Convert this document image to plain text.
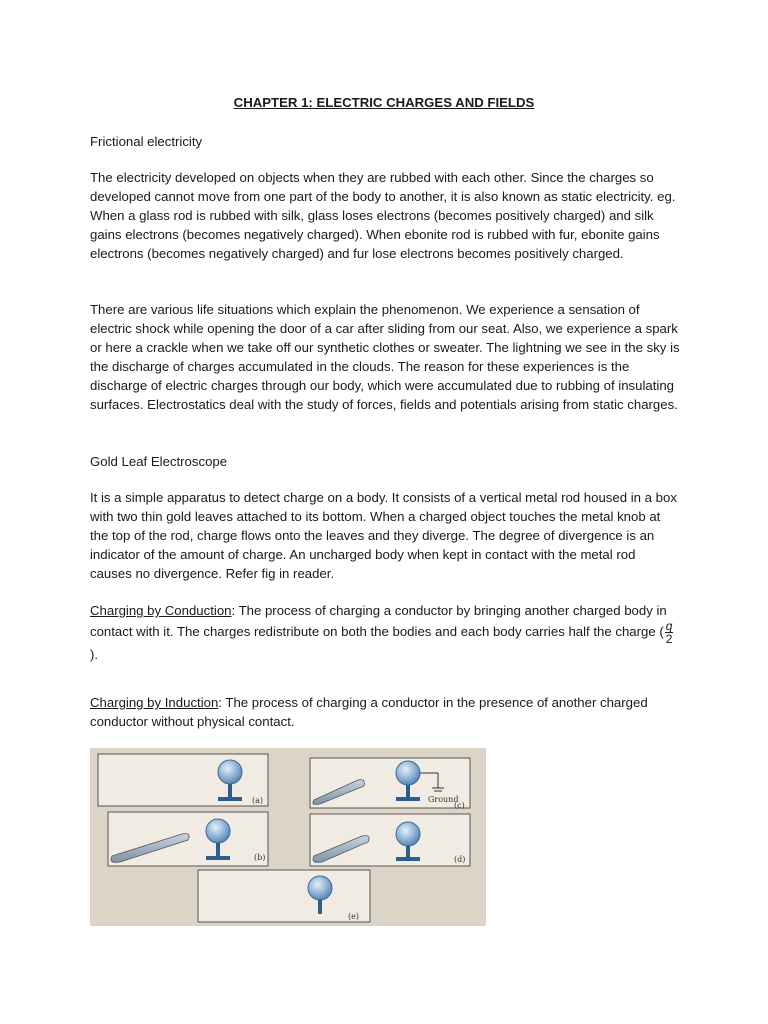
CHAPTER 1: ELECTRIC CHARGES AND FIELDS

Frictional electricity

The electricity developed on objects when they are rubbed with each other. Since the charges so developed cannot move from one part of the body to another, it is also known as static electricity. eg. When a glass rod is rubbed with silk, glass loses electrons (becomes positively charged) and silk gains electrons (becomes negatively charged). When ebonite rod is rubbed with fur, ebonite gains electrons (becomes negatively charged) and fur lose electrons becomes positively charged.

There are various life situations which explain the phenomenon. We experience a sensation of electric shock while opening the door of a car after sliding from our seat. Also, we experience a spark or here a crackle when we take off our synthetic clothes or sweater. The lightning we see in the sky is the discharge of charges accumulated in the clouds. The reason for these experiences is the discharge of electric charges through our body, which were accumulated due to rubbing of insulating surfaces. Electrostatics deal with the study of forces, fields and potentials arising from static charges.

Gold Leaf Electroscope

It is a simple apparatus to detect charge on a body. It consists of a vertical metal rod housed in a box with two thin gold leaves attached to its bottom. When a charged object touches the metal knob at the top of the rod, charge flows onto the leaves and they diverge. The degree of divergence is an indicator of the amount of charge. An uncharged body when kept in contact with the metal rod causes no divergence. Refer fig in reader.

Charging by Conduction: The process of charging a conductor by bringing another charged body in contact with it. The charges redistribute on both the bodies and each body carries half the charge ( $\frac{q}{2}$
).

Charging by Induction: The process of charging a conductor in the presence of another charged conductor without physical contact.

(a)	Ground
(c)
(b)	(d)
(e)
